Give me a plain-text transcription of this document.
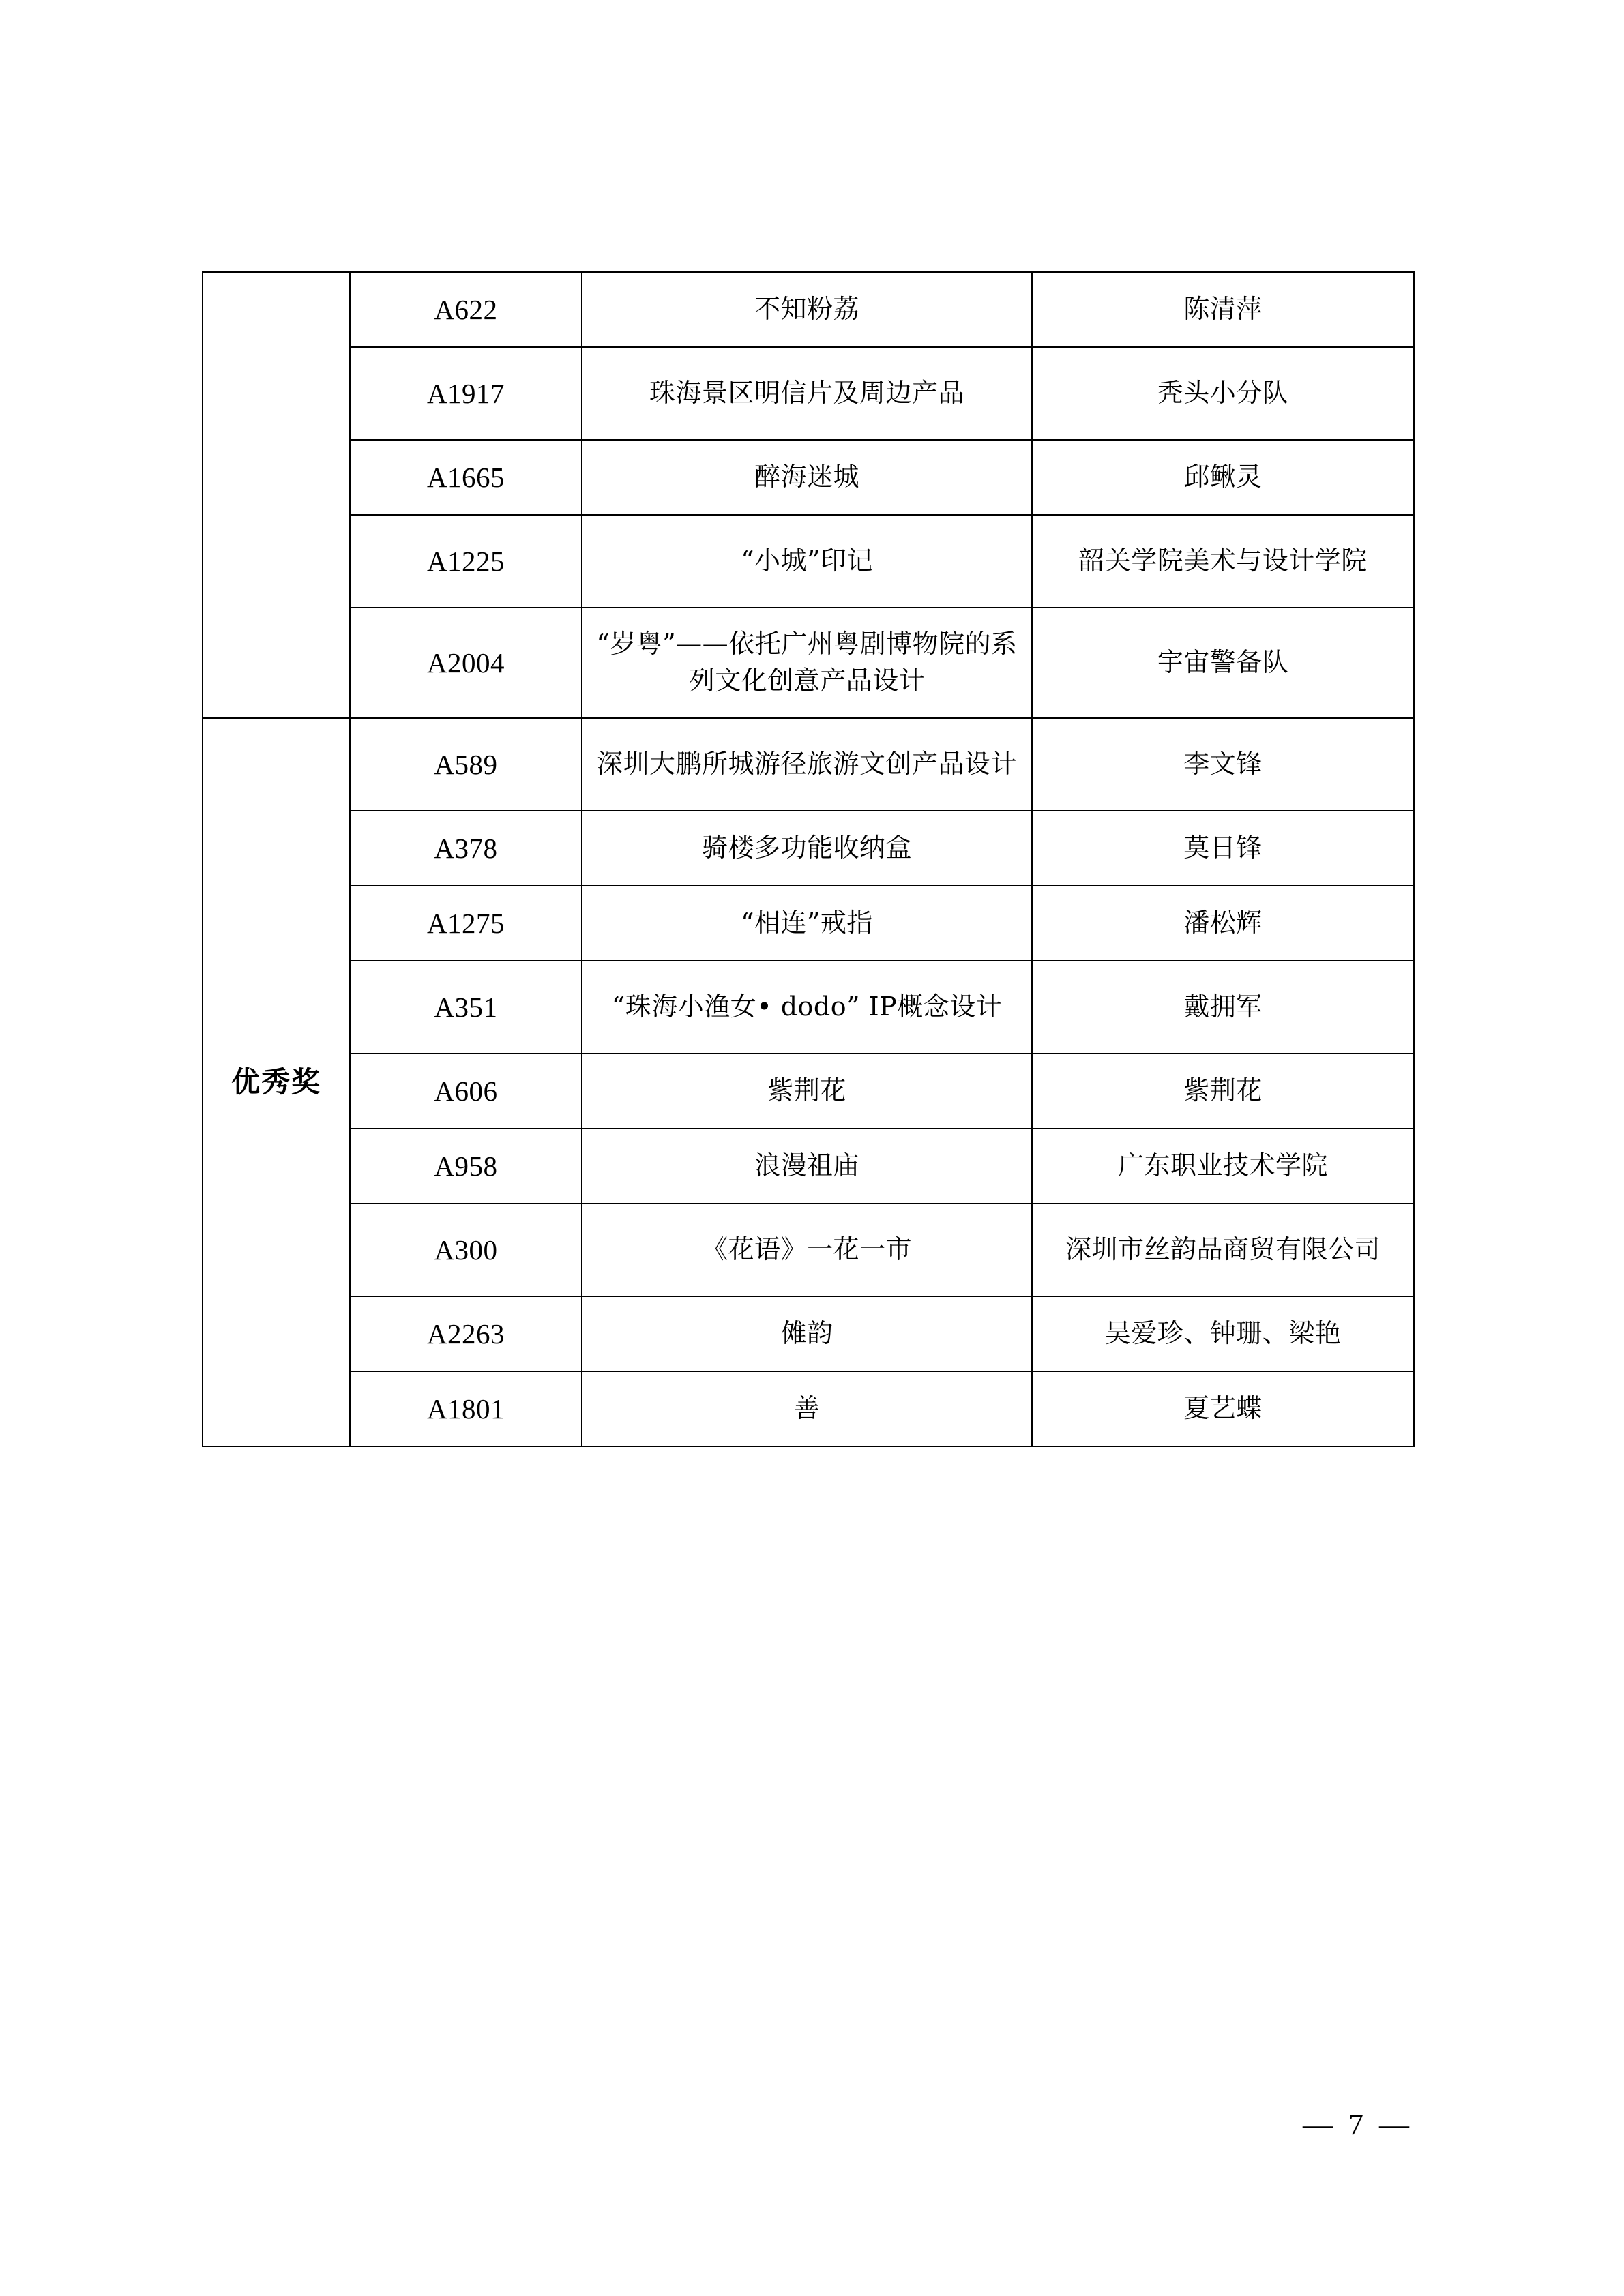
	A622	不知粉荔	陈清萍

	A1917	珠海景区明信片及周边产品	秃头小分队

	A1665	醉海迷城	邱鳅灵

	A1225	“小城”印记	韶关学院美术与设计学院

	A2004	“岁粤”——依托广州粤剧博物院的系列文化创意产品设计	宇宙警备队

优秀奖	A589	深圳大鹏所城游径旅游文创产品设计	李文锋

	A378	骑楼多功能收纳盒	莫日锋

	A1275	“相连”戒指	潘松辉

	A351	“珠海小渔女• dodo” IP概念设计	戴拥军

	A606	紫荆花	紫荆花

	A958	浪漫祖庙	广东职业技术学院

	A300	《花语》一花一市	深圳市丝韵品商贸有限公司

	A2263	傩韵	吴爱珍、钟珊、梁艳

	A1801	善	夏艺蝶
— 7 —
